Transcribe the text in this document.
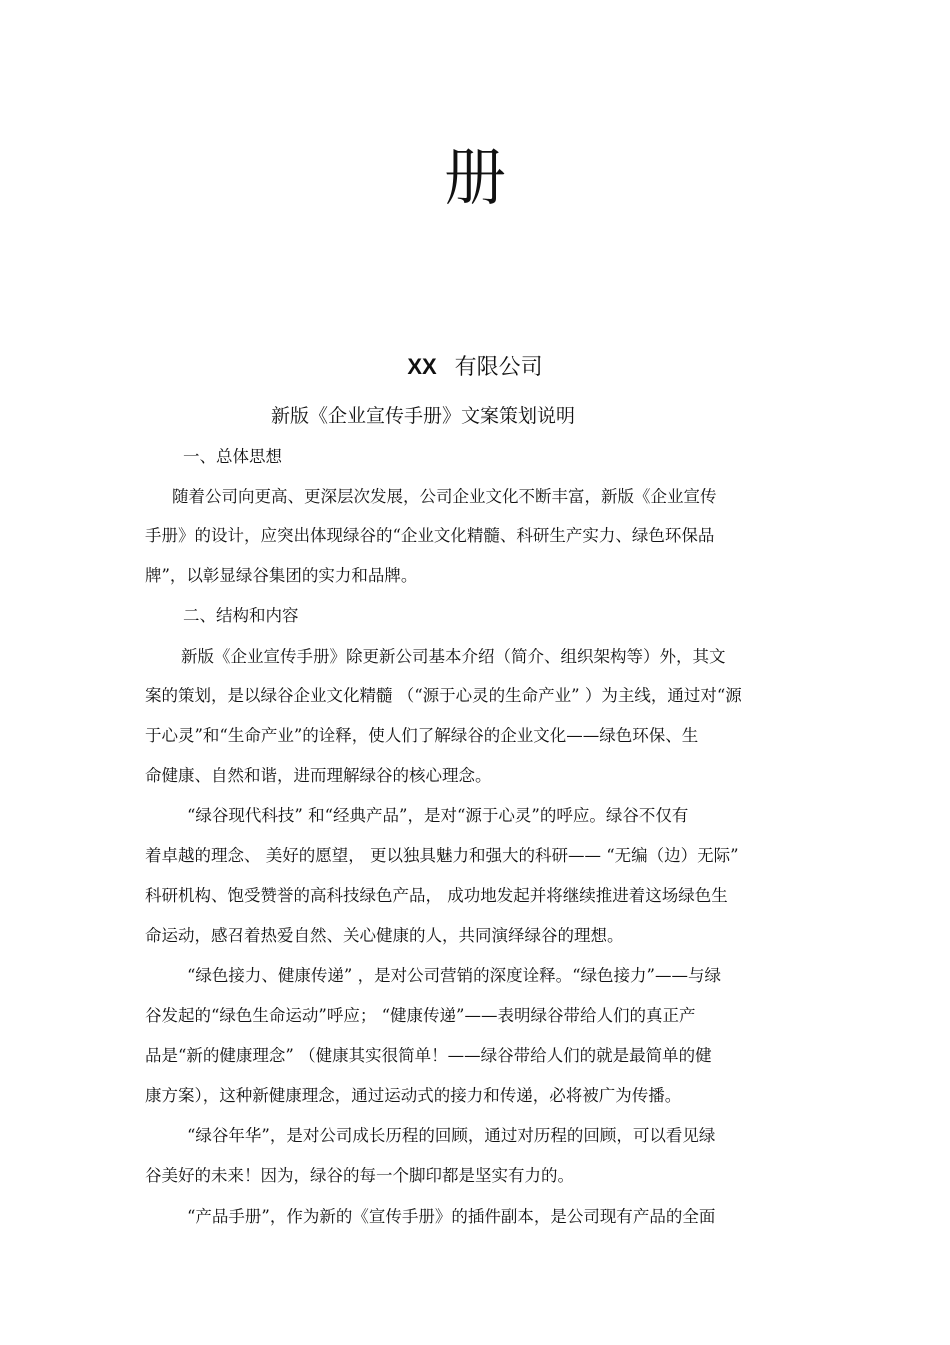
册
XX 有限公司
新版《企业宣传手册》文案策划说明
一、总体思想
随着公司向更高、更深层次发展，公司企业文化不断丰富，新版《企业宣传
手册》的设计，应突出体现绿谷的“企业文化精髓、科研生产实力、绿色环保品
牌”，以彰显绿谷集团的实力和品牌。
二、结构和内容
新版《企业宣传手册》除更新公司基本介绍（简介、组织架构等）外，其文
案的策划，是以绿谷企业文化精髓 （“源于心灵的生命产业” ）为主线，通过对“源
于心灵”和“生命产业”的诠释，使人们了解绿谷的企业文化——绿色环保、生
命健康、自然和谐，进而理解绿谷的核心理念。
“绿谷现代科技” 和“经典产品”，是对“源于心灵”的呼应。绿谷不仅有
着卓越的理念、 美好的愿望， 更以独具魅力和强大的科研—— “无编（边）无际”
科研机构、饱受赞誉的高科技绿色产品， 成功地发起并将继续推进着这场绿色生
命运动，感召着热爱自然、关心健康的人，共同演绎绿谷的理想。
“绿色接力、健康传递” ，是对公司营销的深度诠释。“绿色接力”——与绿
谷发起的“绿色生命运动”呼应； “健康传递”——表明绿谷带给人们的真正产
品是“新的健康理念” （健康其实很简单！——绿谷带给人们的就是最简单的健
康方案），这种新健康理念，通过运动式的接力和传递，必将被广为传播。
“绿谷年华”，是对公司成长历程的回顾，通过对历程的回顾，可以看见绿
谷美好的未来！因为，绿谷的每一个脚印都是坚实有力的。
“产品手册”，作为新的《宣传手册》的插件副本，是公司现有产品的全面
